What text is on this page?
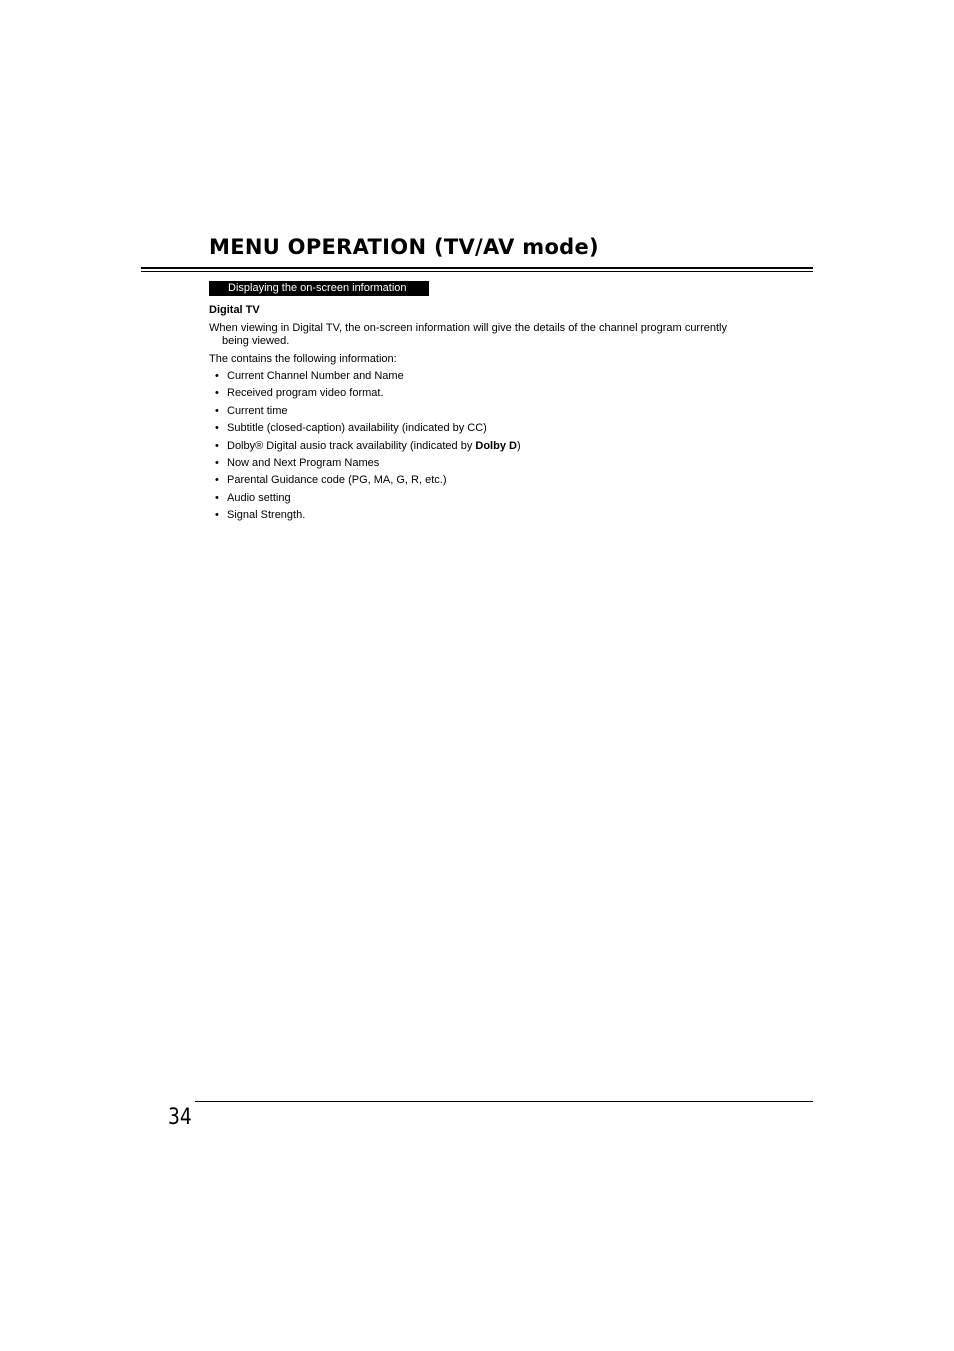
MENU OPERATION (TV/AV mode)
Displaying the on-screen information

Digital TV

When viewing in Digital TV, the on-screen information will give the details of the channel program currently being viewed.

The contains the following information:

• Current Channel Number and Name
• Received program video format.
• Current time
• Subtitle (closed-caption) availability (indicated by CC)
• Dolby® Digital ausio track availability (indicated by Dolby D)
• Now and Next Program Names
• Parental Guidance code (PG, MA, G, R, etc.)
• Audio setting
• Signal Strength.
34
